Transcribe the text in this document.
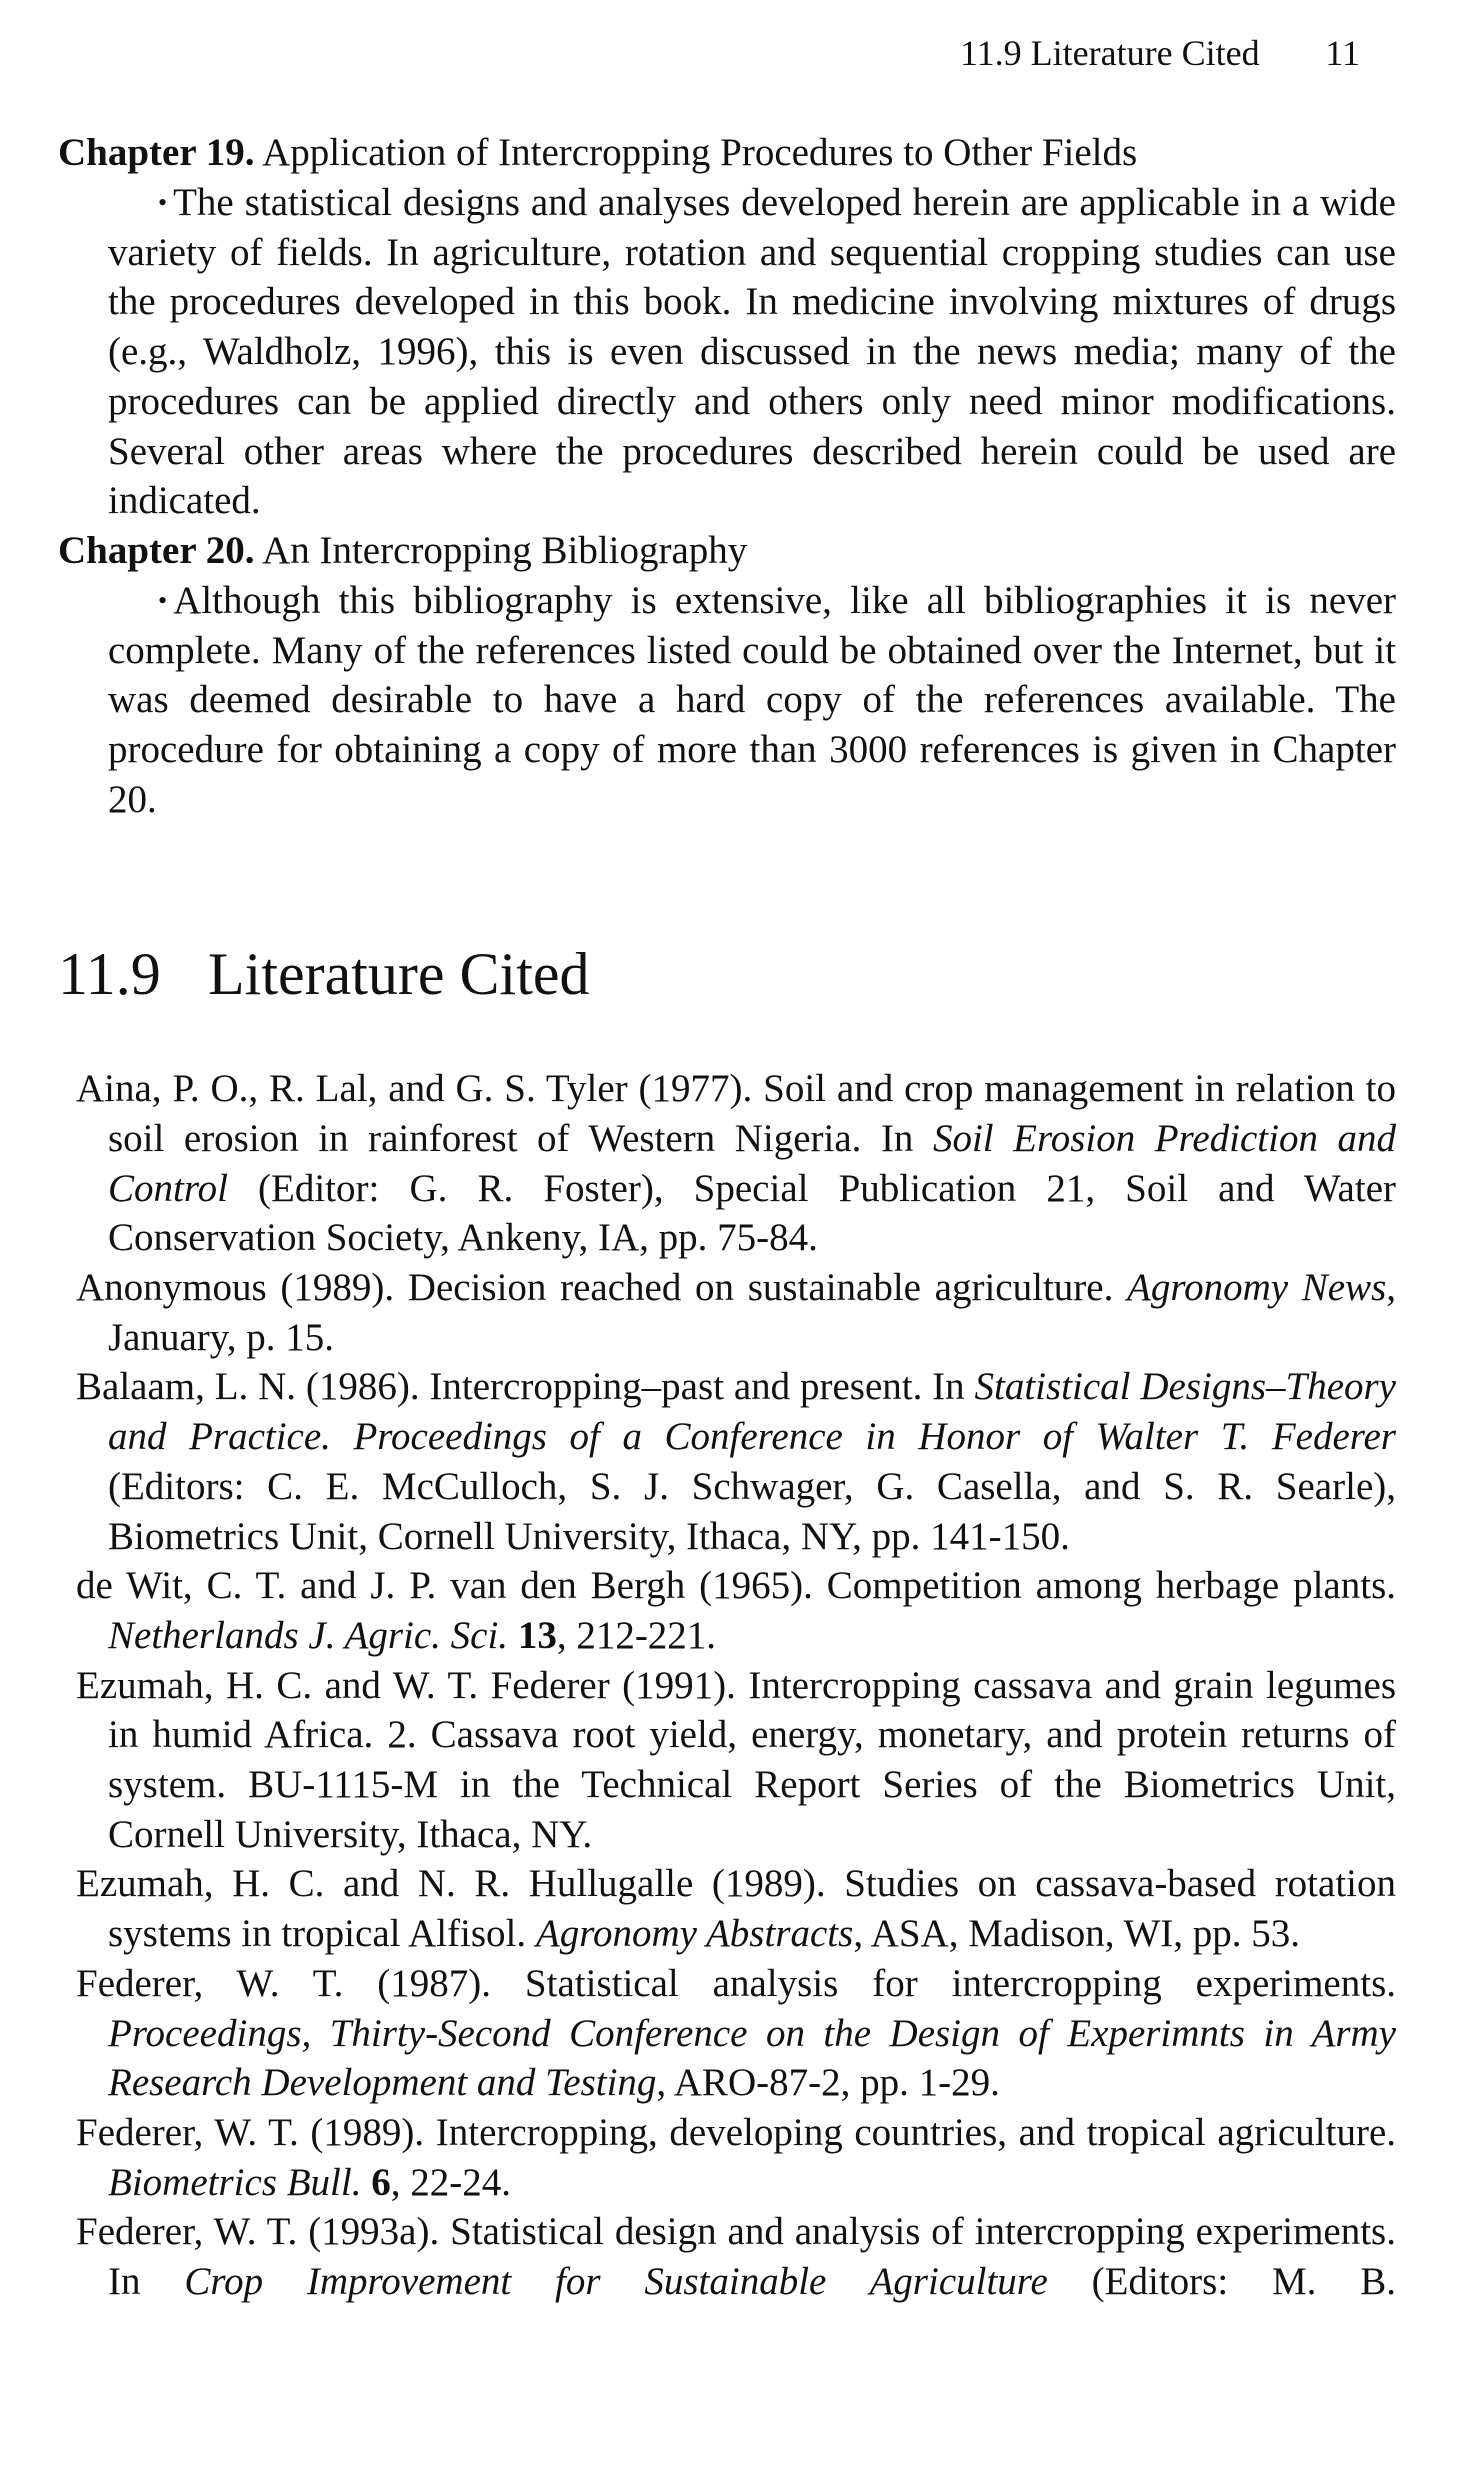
11.9 Literature Cited 11
Chapter 19. Application of Intercropping Procedures to Other Fields
• The statistical designs and analyses developed herein are applicable in a wide variety of fields. In agriculture, rotation and sequential cropping studies can use the procedures developed in this book. In medicine involving mixtures of drugs (e.g., Waldholz, 1996), this is even discussed in the news media; many of the procedures can be applied directly and others only need minor modifications. Several other areas where the procedures described herein could be used are indicated.
Chapter 20. An Intercropping Bibliography
• Although this bibliography is extensive, like all bibliographies it is never complete. Many of the references listed could be obtained over the Internet, but it was deemed desirable to have a hard copy of the references available. The procedure for obtaining a copy of more than 3000 references is given in Chapter 20.
11.9 Literature Cited
Aina, P. O., R. Lal, and G. S. Tyler (1977). Soil and crop management in relation to soil erosion in rainforest of Western Nigeria. In Soil Erosion Prediction and Control (Editor: G. R. Foster), Special Publication 21, Soil and Water Conservation Society, Ankeny, IA, pp. 75-84.
Anonymous (1989). Decision reached on sustainable agriculture. Agronomy News, January, p. 15.
Balaam, L. N. (1986). Intercropping–past and present. In Statistical Designs–Theory and Practice. Proceedings of a Conference in Honor of Walter T. Federer (Editors: C. E. McCulloch, S. J. Schwager, G. Casella, and S. R. Searle), Biometrics Unit, Cornell University, Ithaca, NY, pp. 141-150.
de Wit, C. T. and J. P. van den Bergh (1965). Competition among herbage plants. Netherlands J. Agric. Sci. 13, 212-221.
Ezumah, H. C. and W. T. Federer (1991). Intercropping cassava and grain legumes in humid Africa. 2. Cassava root yield, energy, monetary, and protein returns of system. BU-1115-M in the Technical Report Series of the Biometrics Unit, Cornell University, Ithaca, NY.
Ezumah, H. C. and N. R. Hullugalle (1989). Studies on cassava-based rotation systems in tropical Alfisol. Agronomy Abstracts, ASA, Madison, WI, pp. 53.
Federer, W. T. (1987). Statistical analysis for intercropping experiments. Proceedings, Thirty-Second Conference on the Design of Experimnts in Army Research Development and Testing, ARO-87-2, pp. 1-29.
Federer, W. T. (1989). Intercropping, developing countries, and tropical agriculture. Biometrics Bull. 6, 22-24.
Federer, W. T. (1993a). Statistical design and analysis of intercropping experiments. In Crop Improvement for Sustainable Agriculture (Editors: M. B.
